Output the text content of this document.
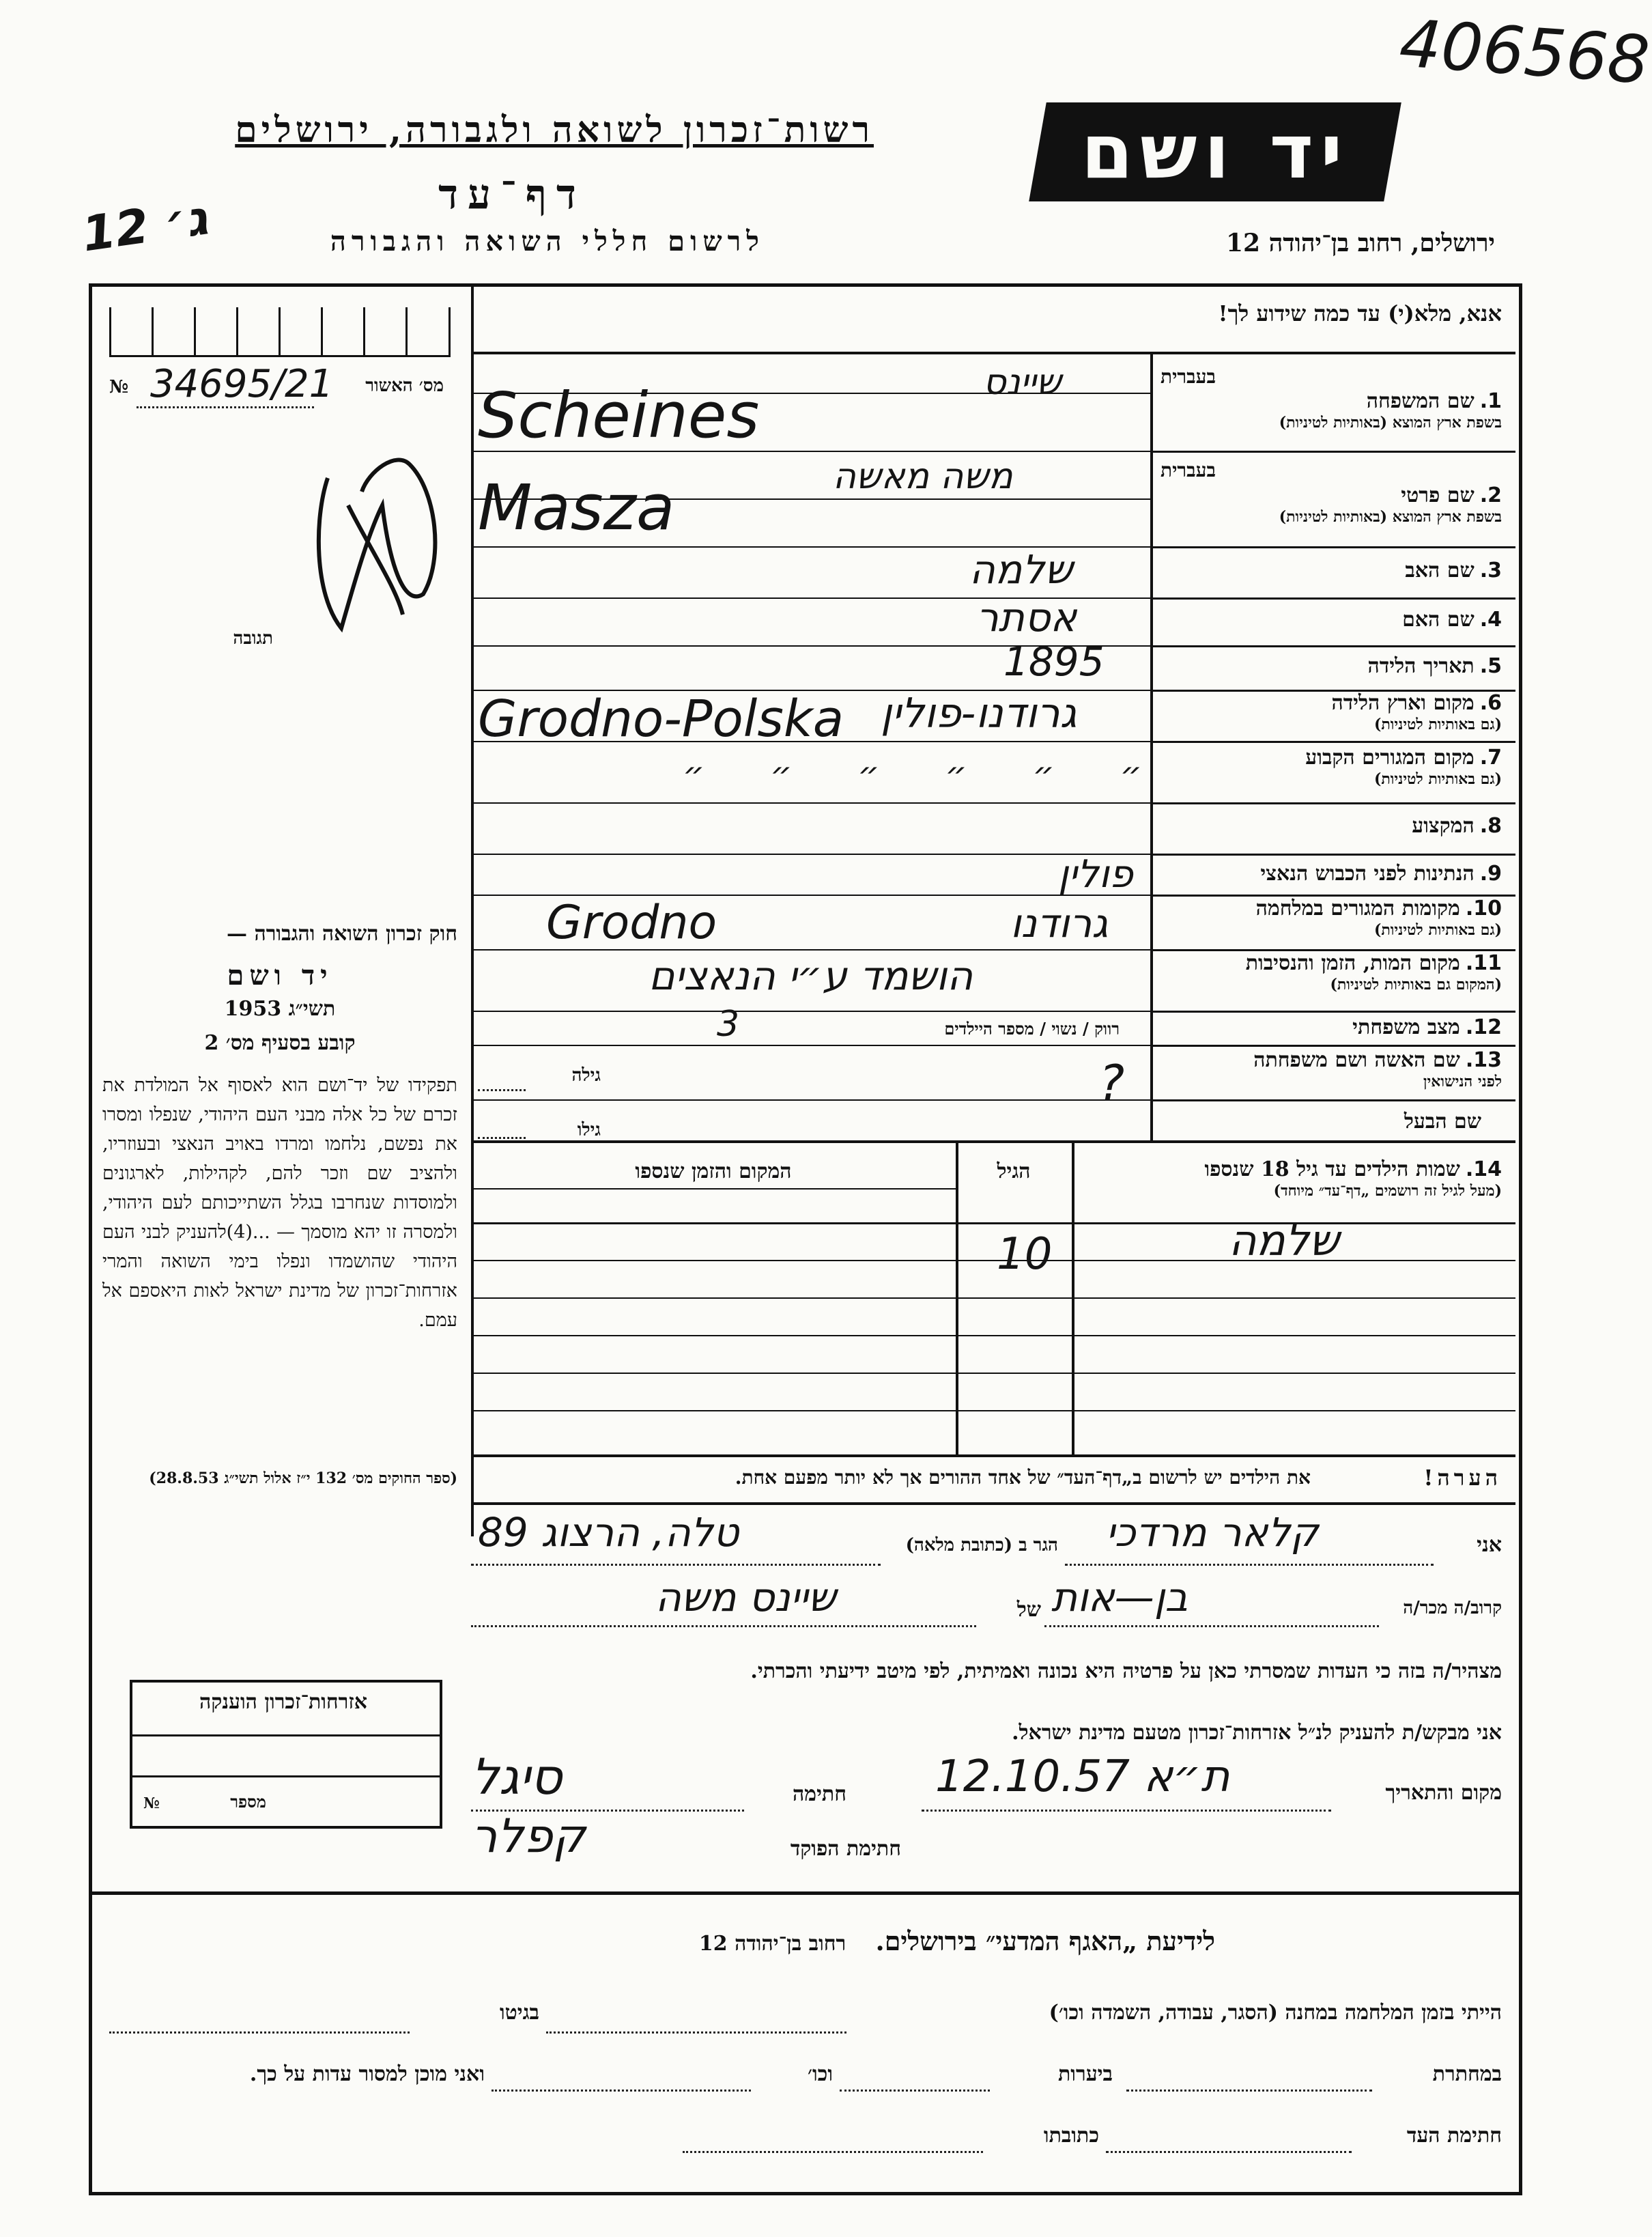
406568
רשות־זכרון לשואה ולגבורה, ירושלים
דף־עד
לרשום חללי השואה והגבורה
ג׳ 12
יד ושם
ירושלים, רחוב בן־יהודה 12
מס׳ האשור
34695/21
№
תגובה
חוק זכרון השואה והגבורה —
יד ושם
תשי״ג 1953
קובע בסעיף מס׳ 2
תפקידו של יד־ושם הוא לאסוף אל המולדת את זכרם של כל אלה מבני העם היהודי, שנפלו ומסרו את נפשם, נלחמו ומרדו באויב הנאצי ובעוזריו, ולהציב שם וזכר להם, לקהילות, לארגונים ולמוסדות שנחרבו בגלל השתייכותם לעם היהודי, ולמסרה זו יהא מוסמך — ...(4)להעניק לבני העם היהודי שהושמדו ונפלו בימי השואה והמרי אזרחות־זכרון של מדינת ישראל לאות היאספם אל עמם.
(ספר החוקים מס׳ 132 י״ז אלול תשי״ג 28.8.53)
אנא, מלא(י) עד כמה שידוע לך!
בעברית
1.שם המשפחה
בשפת ארץ המוצא (באותיות לטיניות)
בעברית
2.שם פרטי
בשפת ארץ המוצא (באותיות לטיניות)
3.שם האב
4.שם האם
5.תאריך הלידה
6.מקום וארץ הלידה
(גם באותיות לטיניות)
7.מקום המגורים הקבוע
(גם באותיות לטיניות)
8.המקצוע
9.הנתינות לפני הכבוש הנאצי
10.מקומות המגורים במלחמה
(גם באותיות לטיניות)
11.מקום המות, הזמן והנסיבות
(המקום גם באותיות לטיניות)
12.מצב משפחתי
13.שם האשה ושם משפחתה
לפני הנישואין
שם הבעל
שיינס
Scheines
משה מאשה
Masza
שלמה
אסתר
1895
גרודנו-פולין
Grodno-Polska
״ ״ ״ ״ ״ ״
פולין
גרודנו
Grodno
הושמד ע״י הנאצים
רווק / נשוי / מספר היילדים
3
גילה	?
גילו
14.שמות הילדים עד גיל 18 שנספו
(מעל לגיל זה רושמים „דף־עד״ מיוחד)
הגיל
המקום והזמן שנספו
שלמה
10
הערה!
את הילדים יש לרשום ב„דף־העד״ של אחד ההורים אך לא יותר מפעם אחת.
אני
קלאר מרדכי
הגר ב (כתובת מלאה)
טלה, הרצוג 89
קרוב/ה מכר/ה
בן—אות
של
שיינס משה
מצהיר/ה בזה כי העדות שמסרתי כאן על פרטיה היא נכונה ואמיתית, לפי מיטב ידיעתי והכרתי.
אני מבקש/ת להעניק לנ״ל אזרחות־זכרון מטעם מדינת ישראל.
מקום והתאריך
ת״א 12.10.57
חתימה
סיגל
חתימת הפוקד
קפלר
אזרחות־זכרון הוענקה
מספר
№
לידיעת „האגף המדעי״ בירושלים. רחוב בן־יהודה 12
הייתי בזמן המלחמה במחנה (הסגר, עבודה, השמדה וכו׳)
בגיטו
במחתרת
ביערות
וכו׳
ואני מוכן למסור עדות על כך.
חתימת העד
כתובתו
